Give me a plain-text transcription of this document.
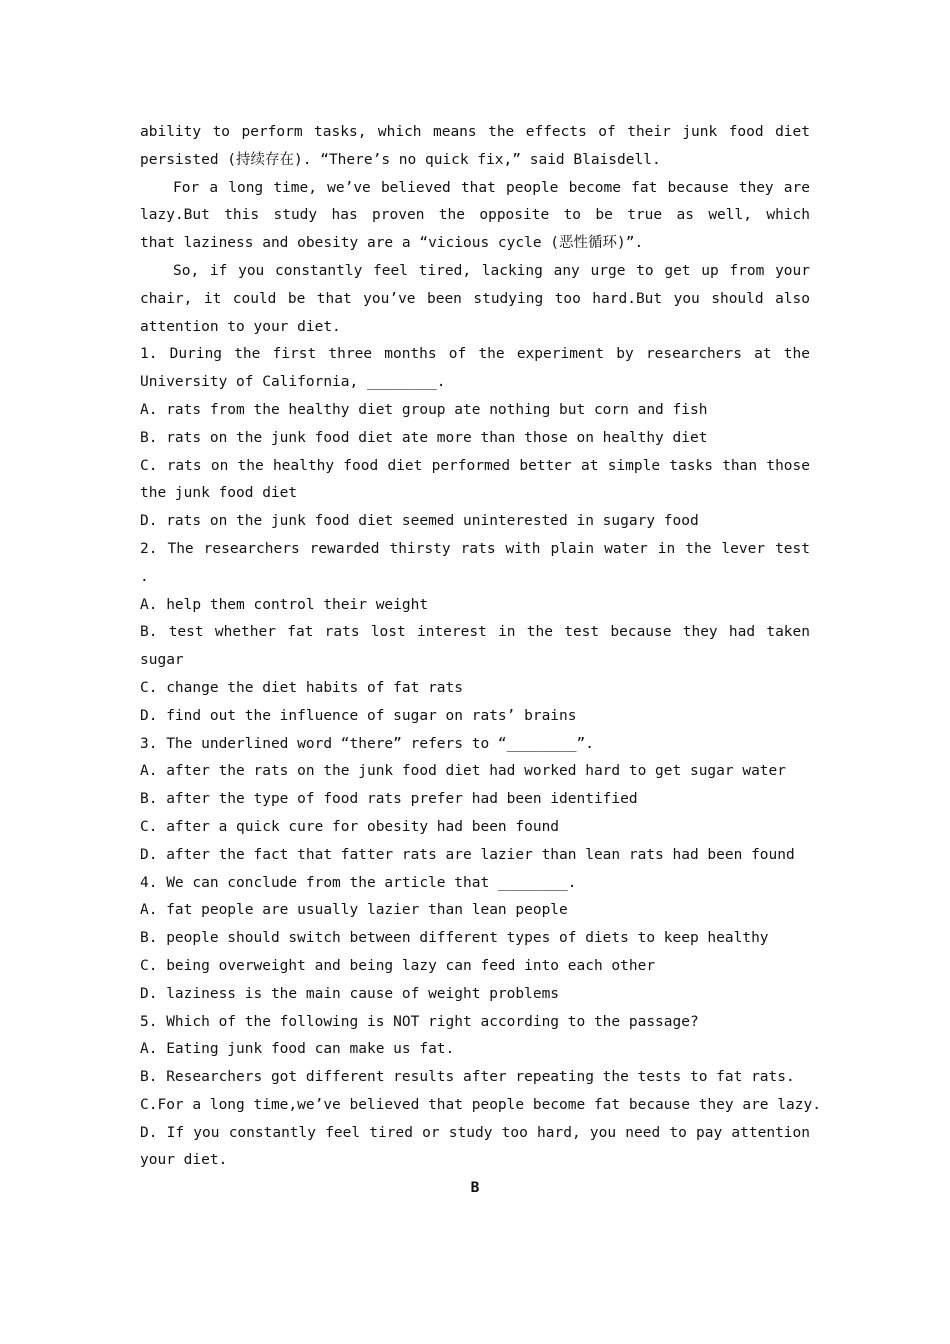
ability to perform tasks, which means the effects of their junk food diet
persisted (持续存在). “There’s no quick fix,” said Blaisdell.
For a long time, we’ve believed that people become fat because they are
lazy.But this study has proven the opposite to be true as well, which
that laziness and obesity are a “vicious cycle (恶性循环)”.
So, if you constantly feel tired, lacking any urge to get up from your
chair, it could be that you’ve been studying too hard.But you should also
attention to your diet.
1. During the first three months of the experiment by researchers at the
University of California, ________.
A. rats from the healthy diet group ate nothing but corn and fish
B. rats on the junk food diet ate more than those on healthy diet
C. rats on the healthy food diet performed better at simple tasks than those
the junk food diet
D. rats on the junk food diet seemed uninterested in sugary food
2. The researchers rewarded thirsty rats with plain water in the lever test
.
A. help them control their weight
B. test whether fat rats lost interest in the test because they had taken
sugar
C. change the diet habits of fat rats
D. find out the influence of sugar on rats’ brains
3. The underlined word “there” refers to “________”.
A. after the rats on the junk food diet had worked hard to get sugar water
B. after the type of food rats prefer had been identified
C. after a quick cure for obesity had been found
D. after the fact that fatter rats are lazier than lean rats had been found
4. We can conclude from the article that ________.
A. fat people are usually lazier than lean people
B. people should switch between different types of diets to keep healthy
C. being overweight and being lazy can feed into each other
D. laziness is the main cause of weight problems
5. Which of the following is NOT right according to the passage?
A. Eating junk food can make us fat.
B. Researchers got different results after repeating the tests to fat rats.
C.For a long time,we’ve believed that people become fat because they are lazy.
D. If you constantly feel tired or study too hard, you need to pay attention
your diet.
B
